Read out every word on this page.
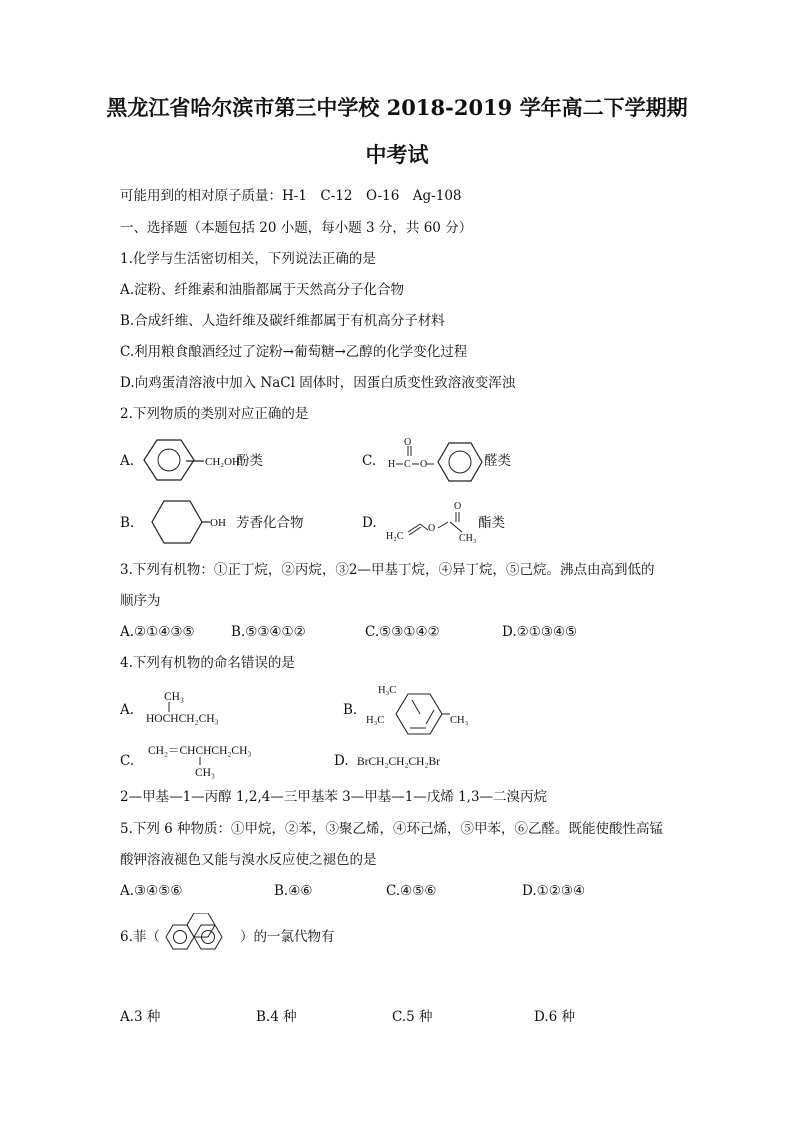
黑龙江省哈尔滨市第三中学校 2018-2019 学年高二下学期期
中考试
可能用到的相对原子质量：H-1　C-12　O-16　Ag-108
一、选择题（本题包括 20 小题，每小题 3 分，共 60 分）
1.化学与生活密切相关，下列说法正确的是
A.淀粉、纤维素和油脂都属于天然高分子化合物
B.合成纤维、人造纤维及碳纤维都属于有机高分子材料
C.利用粮食酿酒经过了淀粉→葡萄糖→乙醇的化学变化过程
D.向鸡蛋清溶液中加入 NaCl 固体时，因蛋白质变性致溶液变浑浊
2.下列物质的类别对应正确的是
A.	CH₂OH
酚类	C.
O
H C O	醛类
B.	OH 芳香化合物	D.
O
H₂C
O
CH₃
酯类
3.下列有机物：①正丁烷，②丙烷，③2—甲基丁烷，④异丁烷，⑤己烷。沸点由高到低的
顺序为
A.②①④③⑤	B.⑤③④①②	C.⑤③①④②	D.②①③④⑤
4.下列有机物的命名错误的是
A.
CH₃
HOCHCH₂CH₃
B.
H₃C
H₃C	CH₃
C.
CH₂＝CHCHCH₂CH₃
CH₃
D. BrCH₂CH₂CH₂Br
2—甲基—1—丙醇 1,2,4—三甲基苯 3—甲基—1—戊烯 1,3—二溴丙烷
5.下列 6 种物质：①甲烷，②苯，③聚乙烯，④环己烯，⑤甲苯，⑥乙醛。既能使酸性高锰
酸钾溶液褪色又能与溴水反应使之褪色的是
A.③④⑤⑥	B.④⑥	C.④⑤⑥	D.①②③④
6.菲（	）的一氯代物有
A.3 种	B.4 种	C.5 种	D.6 种
